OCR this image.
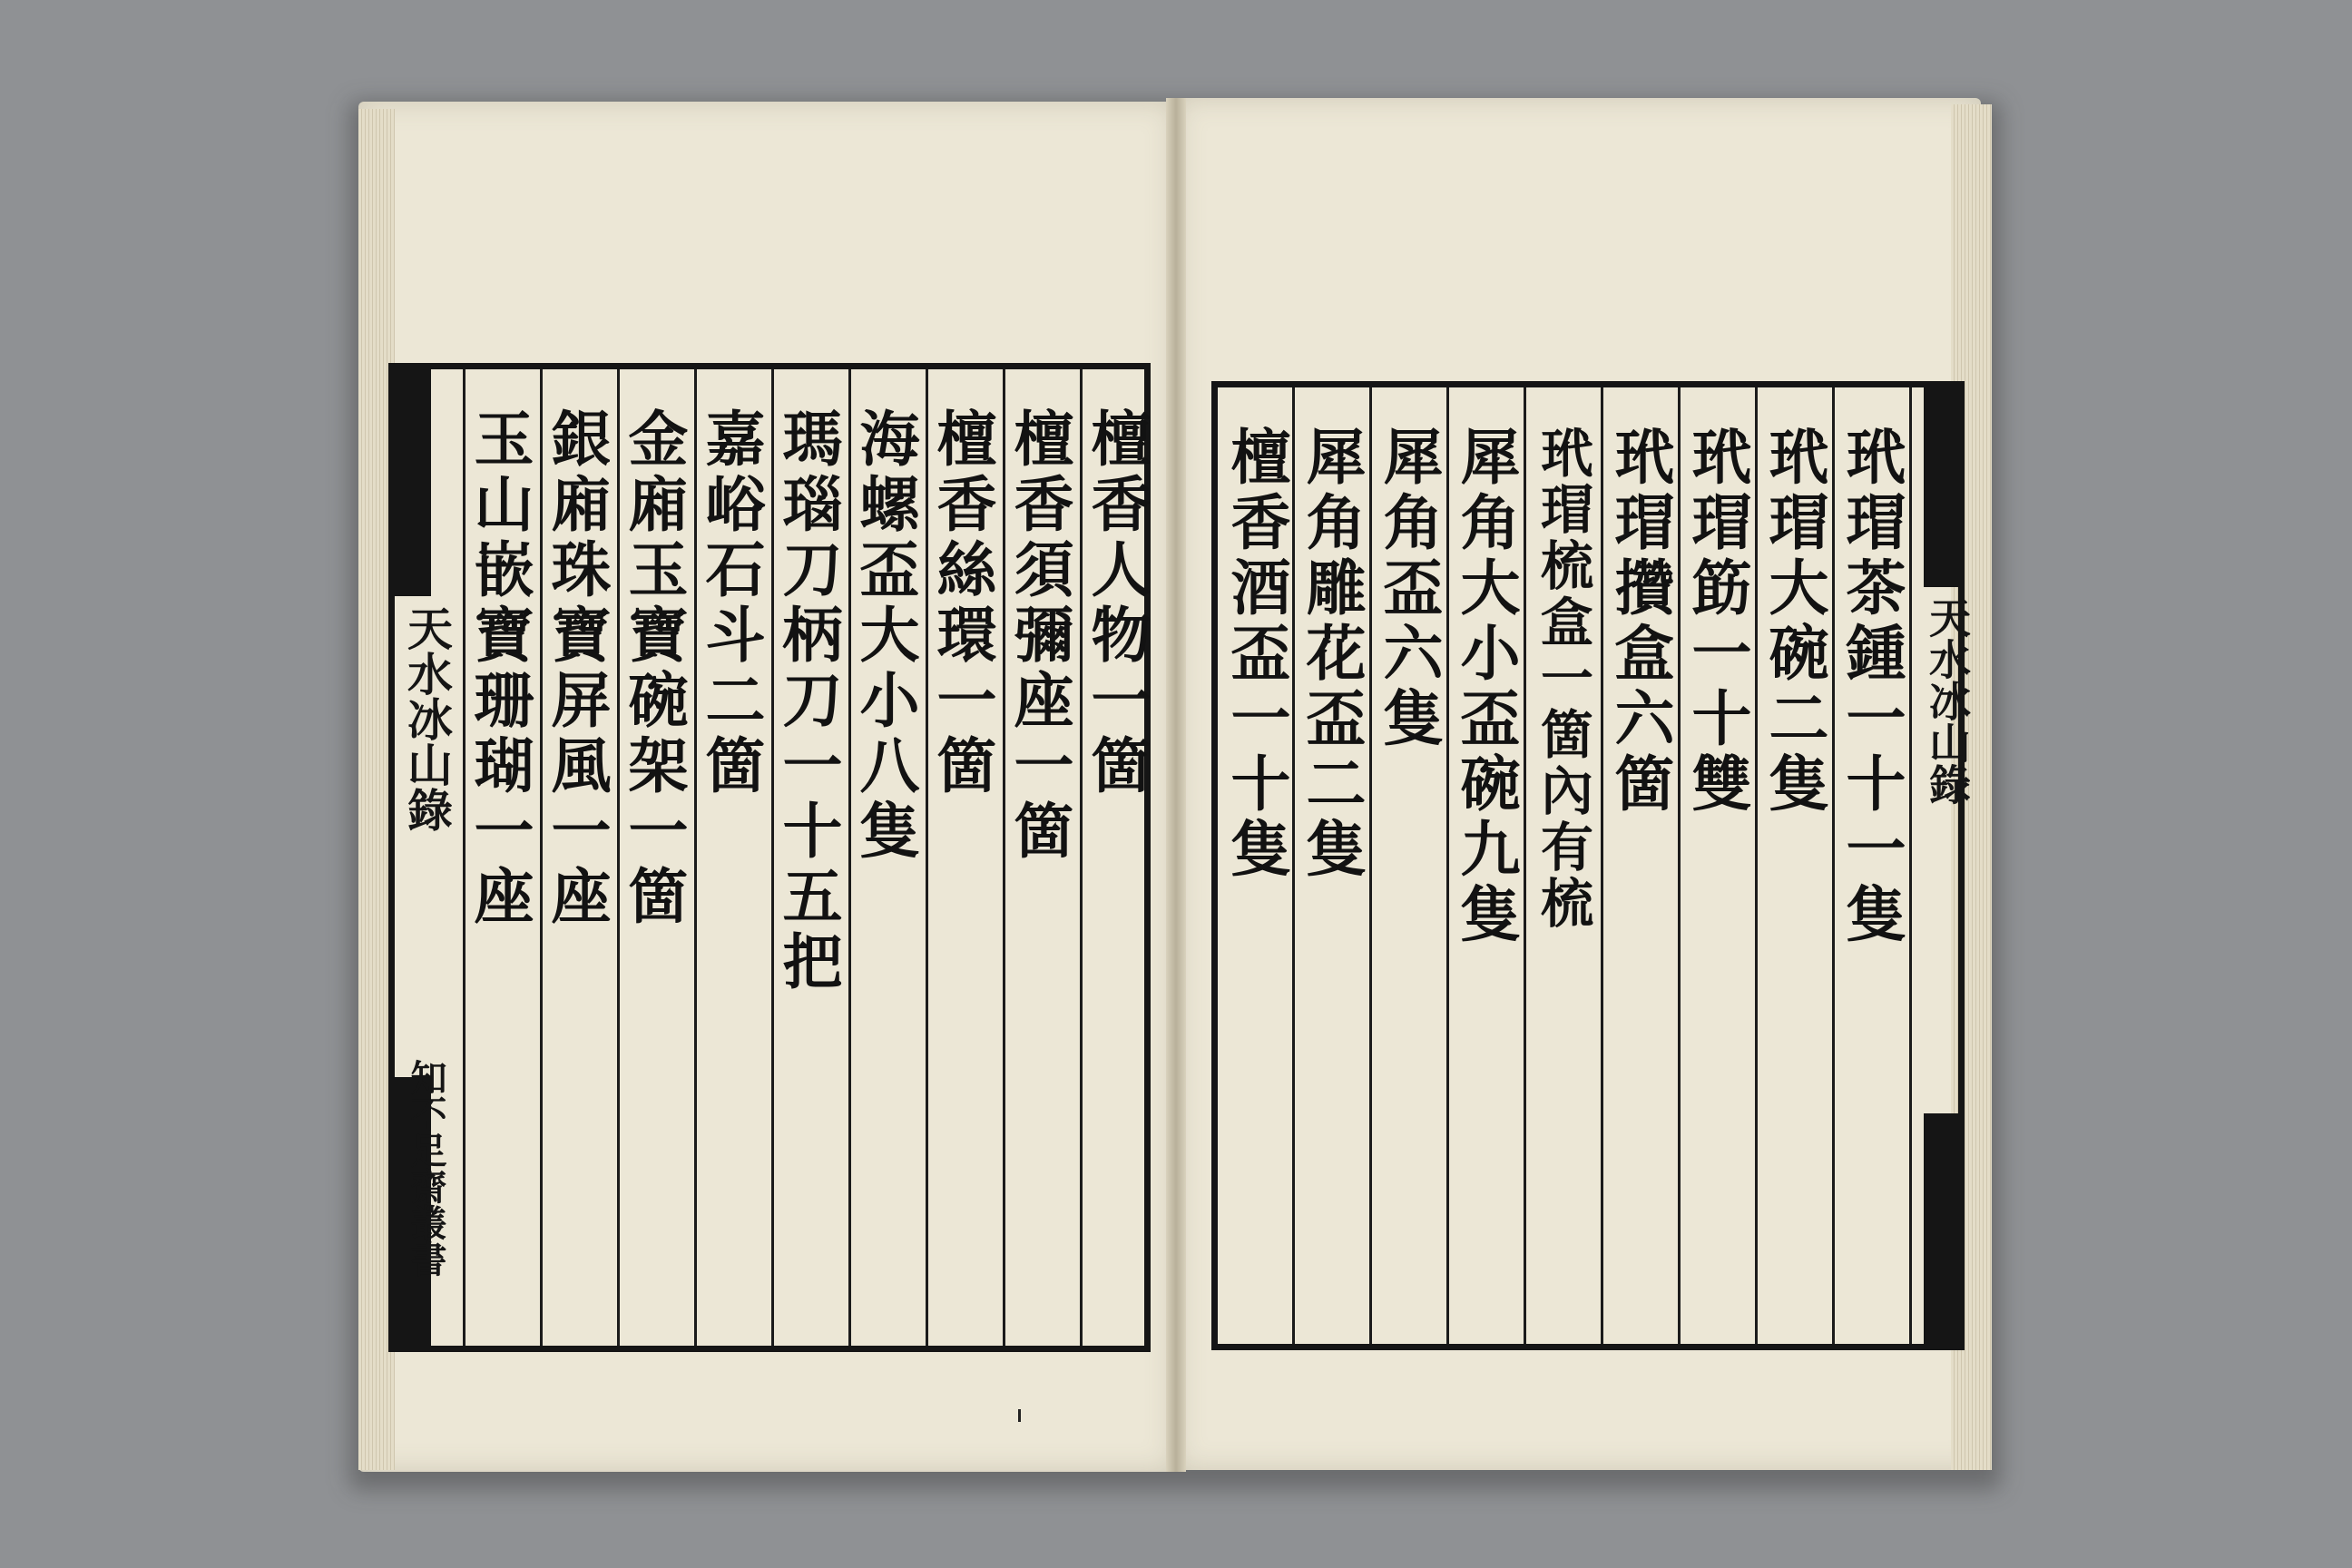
檀香人物一箇
檀香須彌座一箇
檀香絲環一箇
海螺盃大小八隻
瑪瑙刀柄刀一十五把
嘉峪石斗二箇
金廂玉寶碗架一箇
銀廂珠寶屏風一座
玉山嵌寶珊瑚一座
天水冰山錄
知不足齋叢書
玳瑁茶鍾一十一隻
玳瑁大碗二隻
玳瑁筯一十雙
玳瑁攢盒六箇
玳瑁梳盒一箇內有梳
犀角大小盃碗九隻
犀角盃六隻
犀角雕花盃二隻
檀香酒盃一十隻	天水冰山錄
